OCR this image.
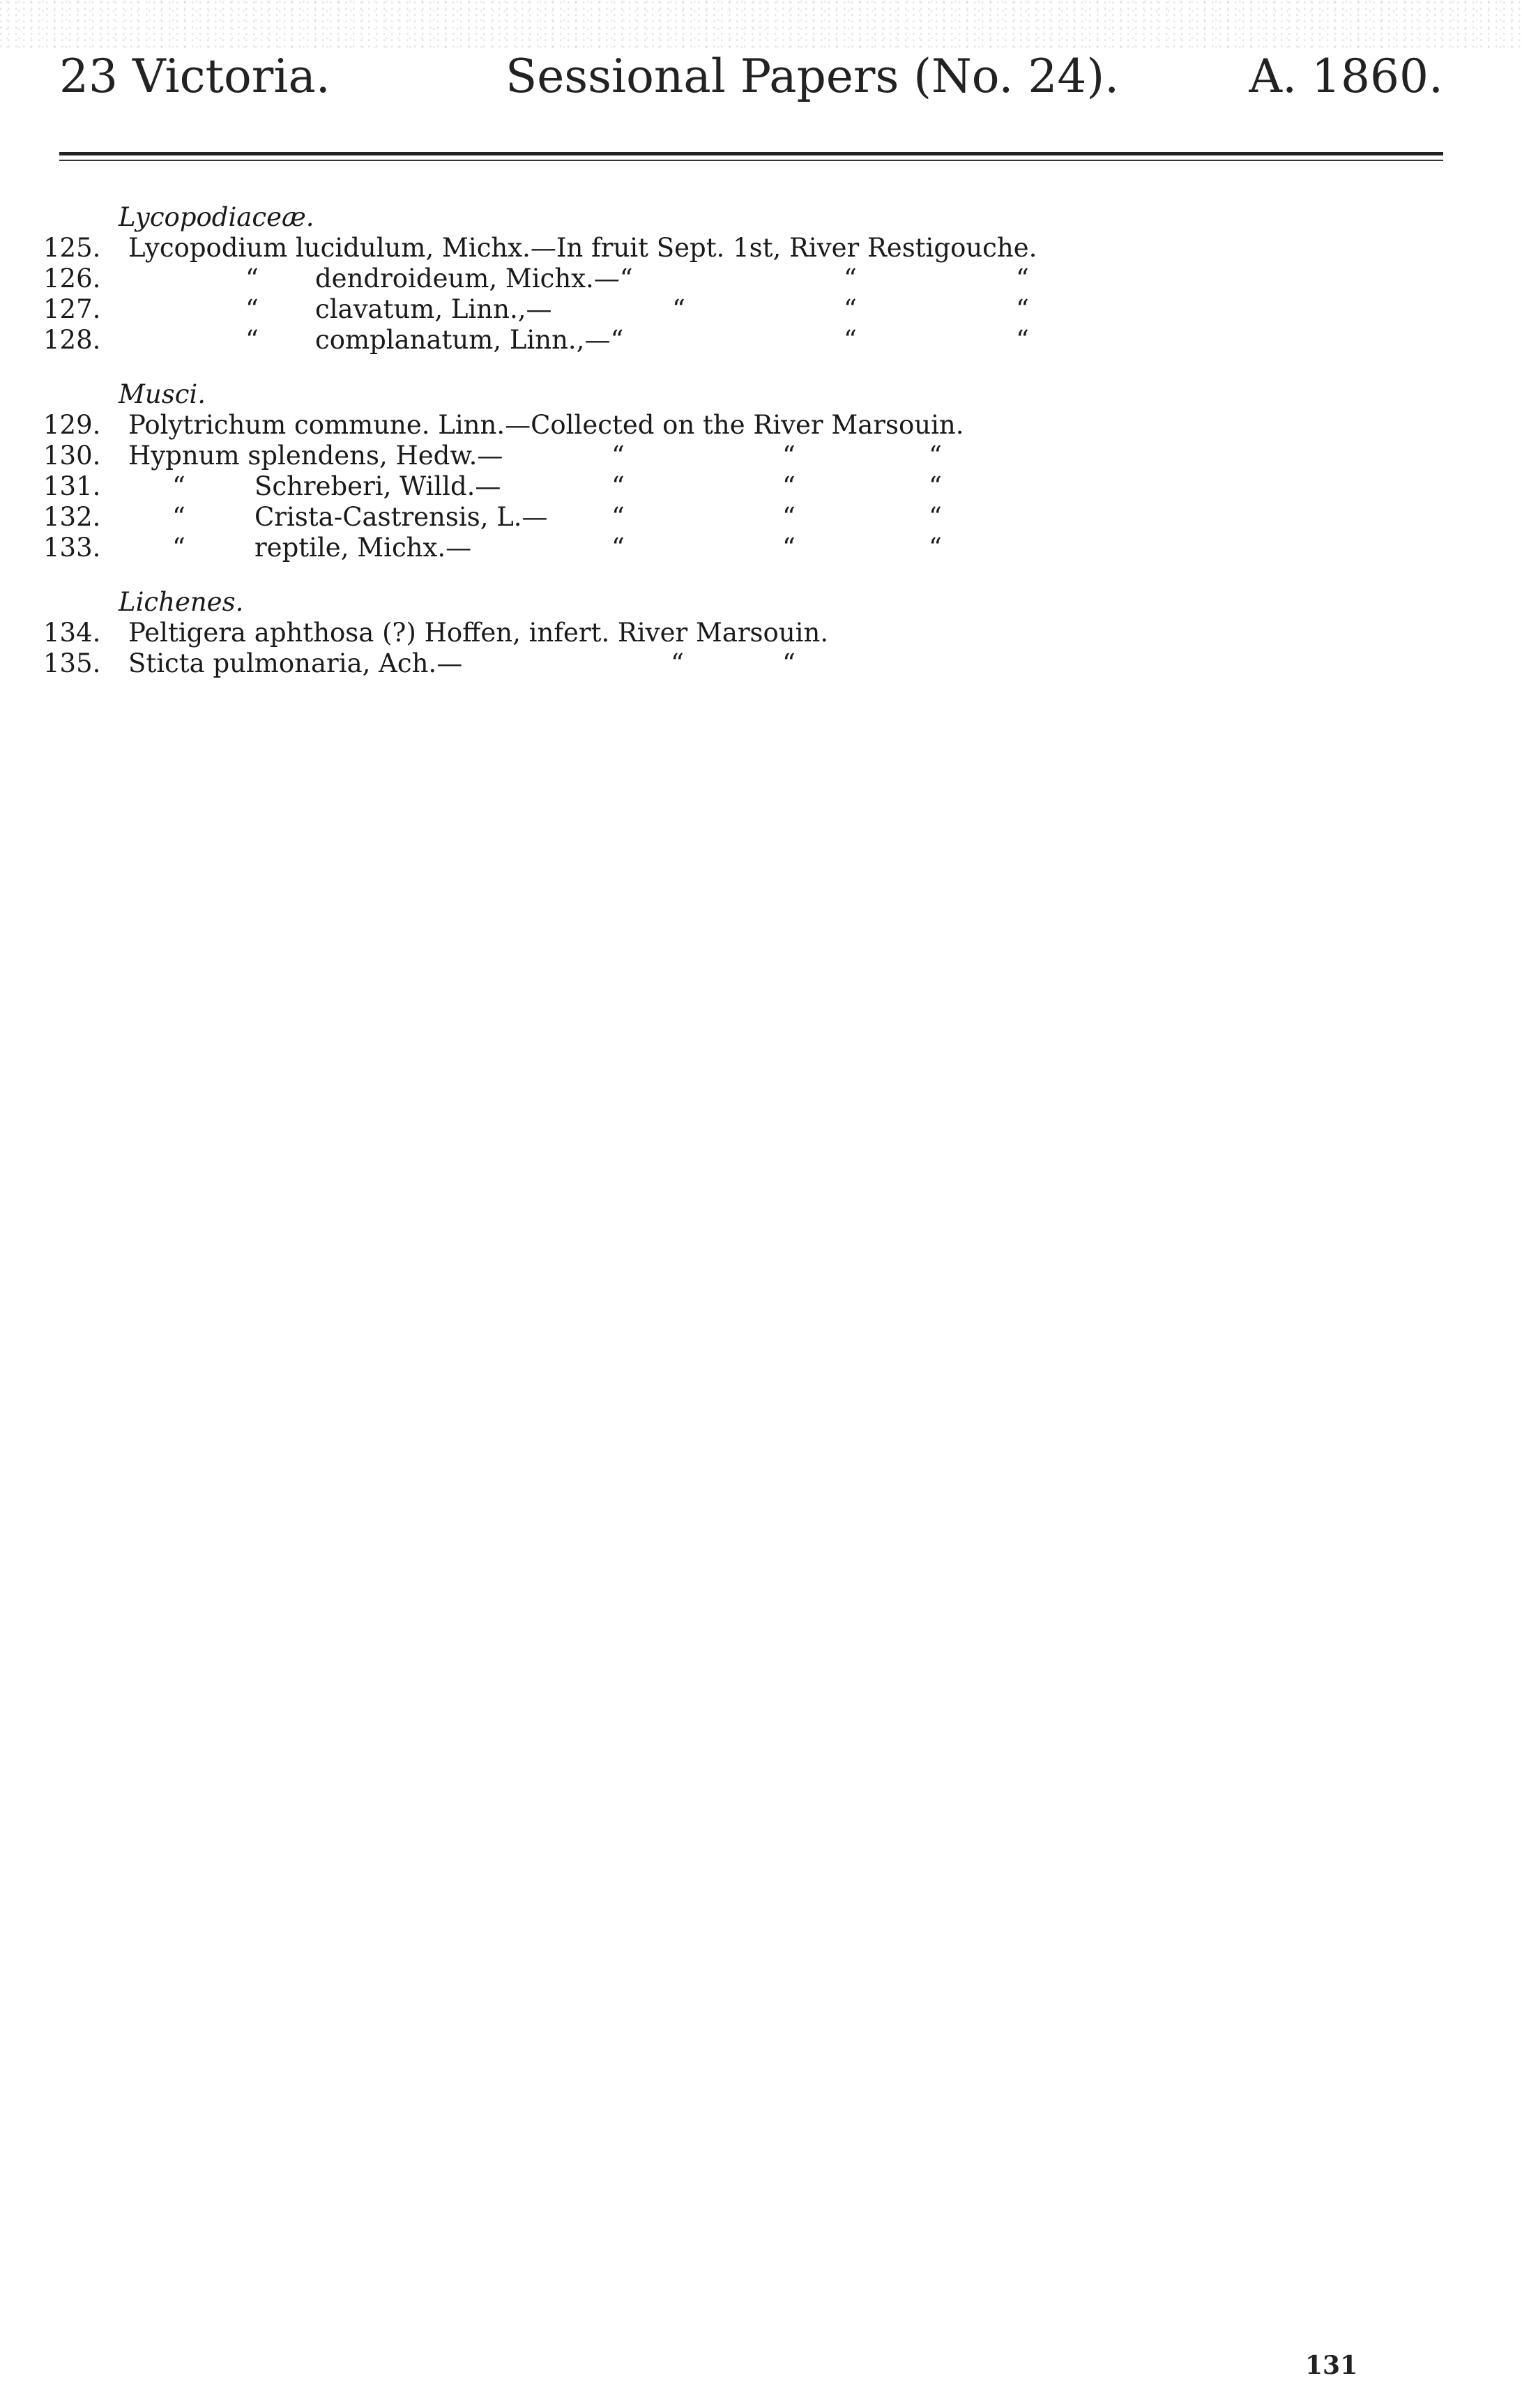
23 Victoria.	Sessional Papers (No. 24).	A. 1860.
Lycopodiaceæ.
125. Lycopodium lucidulum, Michx.—In fruit Sept. 1st, River Restigouche.
126.	“ dendroideum, Michx.—“	“	“
127.	“ clavatum, Linn.,—	“	“	“
128.	“ complanatum, Linn.,—“	“	“
Musci.
129. Polytrichum commune. Linn.—Collected on the River Marsouin.
130. Hypnum splendens, Hedw.—	“	“	“
131.	“	Schreberi, Willd.—	“	“	“
132.	“	Crista-Castrensis, L.— “	“	“
133.	“	reptile, Michx.—	“	“	“
Lichenes.
134. Peltigera aphthosa (?) Hoffen, infert. River Marsouin.
135. Sticta pulmonaria, Ach.—	“	“
131
